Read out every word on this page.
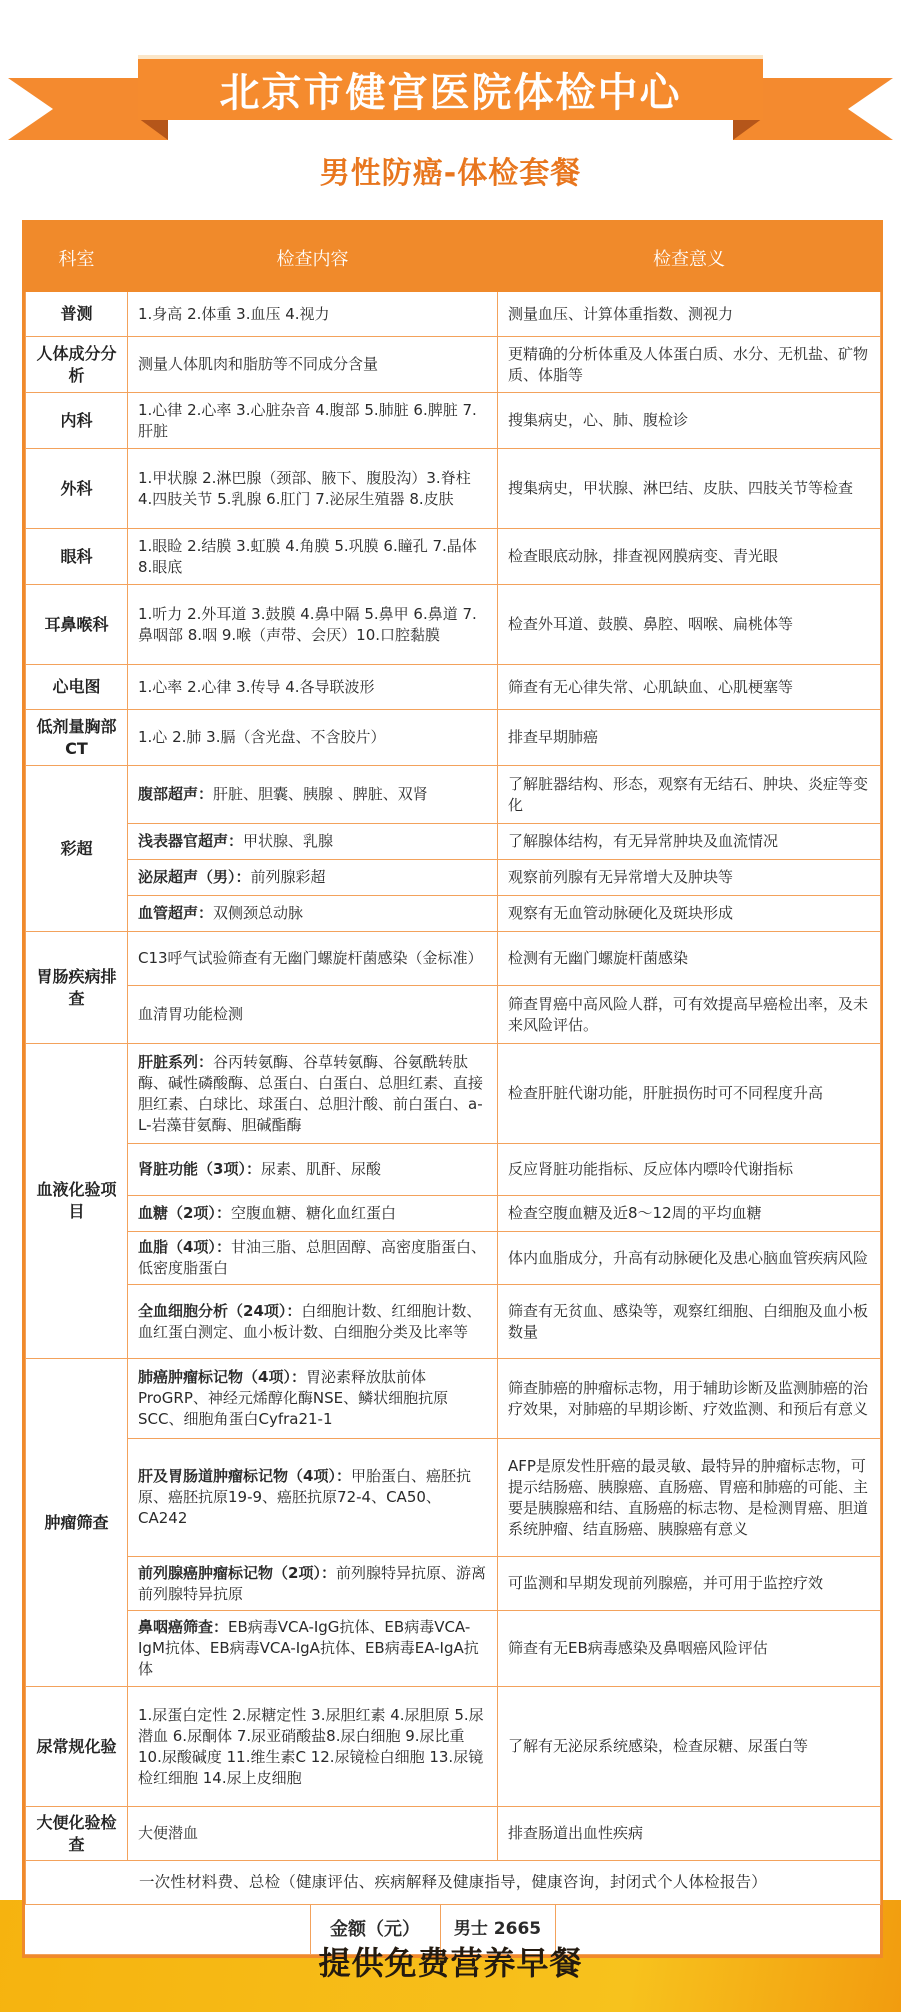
北京市健宫医院体检中心
男性防癌-体检套餐
科室	检查内容	检查意义
普测	1.身高 2.体重 3.血压 4.视力	测量血压、计算体重指数、测视力
人体成分分析	测量人体肌肉和脂肪等不同成分含量	更精确的分析体重及人体蛋白质、水分、无机盐、矿物质、体脂等
内科	1.心律 2.心率 3.心脏杂音 4.腹部 5.肺脏 6.脾脏 7.肝脏	搜集病史，心、肺、腹检诊
外科	1.甲状腺 2.淋巴腺（颈部、腋下、腹股沟）3.脊柱 4.四肢关节 5.乳腺 6.肛门 7.泌尿生殖器 8.皮肤	搜集病史，甲状腺、淋巴结、皮肤、四肢关节等检查
眼科	1.眼睑 2.结膜 3.虹膜 4.角膜 5.巩膜 6.瞳孔 7.晶体 8.眼底	检查眼底动脉，排查视网膜病变、青光眼
耳鼻喉科	1.听力 2.外耳道 3.鼓膜 4.鼻中隔 5.鼻甲 6.鼻道 7.鼻咽部 8.咽 9.喉（声带、会厌）10.口腔黏膜	检查外耳道、鼓膜、鼻腔、咽喉、扁桃体等
心电图	1.心率 2.心律 3.传导 4.各导联波形	筛查有无心律失常、心肌缺血、心肌梗塞等
低剂量胸部CT	1.心 2.肺 3.膈（含光盘、不含胶片）	排查早期肺癌
彩超	腹部超声：肝脏、胆囊、胰腺 、脾脏、双肾	了解脏器结构、形态，观察有无结石、肿块、炎症等变化
	浅表器官超声：甲状腺、乳腺	了解腺体结构，有无异常肿块及血流情况
	泌尿超声（男）：前列腺彩超	观察前列腺有无异常增大及肿块等
	血管超声：双侧颈总动脉	观察有无血管动脉硬化及斑块形成
胃肠疾病排查	C13呼气试验筛查有无幽门螺旋杆菌感染（金标准）	检测有无幽门螺旋杆菌感染
	血清胃功能检测	筛查胃癌中高风险人群，可有效提高早癌检出率，及未来风险评估。
血液化验项目	肝脏系列：谷丙转氨酶、谷草转氨酶、谷氨酰转肽酶、碱性磷酸酶、总蛋白、白蛋白、总胆红素、直接胆红素、白球比、球蛋白、总胆汁酸、前白蛋白、a-L-岩藻苷氨酶、胆碱酯酶	检查肝脏代谢功能，肝脏损伤时可不同程度升高
	肾脏功能（3项）：尿素、肌酐、尿酸	反应肾脏功能指标、反应体内嘌呤代谢指标
	血糖（2项）：空腹血糖、糖化血红蛋白	检查空腹血糖及近8～12周的平均血糖
	血脂（4项）：甘油三脂、总胆固醇、高密度脂蛋白、低密度脂蛋白	体内血脂成分，升高有动脉硬化及患心脑血管疾病风险
	全血细胞分析（24项）：白细胞计数、红细胞计数、血红蛋白测定、血小板计数、白细胞分类及比率等	筛查有无贫血、感染等，观察红细胞、白细胞及血小板数量
肿瘤筛查	肺癌肿瘤标记物（4项）：胃泌素释放肽前体ProGRP、神经元烯醇化酶NSE、鳞状细胞抗原SCC、细胞角蛋白Cyfra21-1	筛查肺癌的肿瘤标志物，用于辅助诊断及监测肺癌的治疗效果，对肺癌的早期诊断、疗效监测、和预后有意义
	肝及胃肠道肿瘤标记物（4项）：甲胎蛋白、癌胚抗原、癌胚抗原19-9、癌胚抗原72-4、CA50、CA242	AFP是原发性肝癌的最灵敏、最特异的肿瘤标志物，可提示结肠癌、胰腺癌、直肠癌、胃癌和肺癌的可能、主要是胰腺癌和结、直肠癌的标志物、是检测胃癌、胆道系统肿瘤、结直肠癌、胰腺癌有意义
	前列腺癌肿瘤标记物（2项）：前列腺特异抗原、游离前列腺特异抗原	可监测和早期发现前列腺癌，并可用于监控疗效
	鼻咽癌筛查：EB病毒VCA-IgG抗体、EB病毒VCA-IgM抗体、EB病毒VCA-IgA抗体、EB病毒EA-IgA抗体	筛查有无EB病毒感染及鼻咽癌风险评估
尿常规化验	1.尿蛋白定性 2.尿糖定性 3.尿胆红素 4.尿胆原 5.尿潜血 6.尿酮体 7.尿亚硝酸盐8.尿白细胞 9.尿比重 10.尿酸碱度 11.维生素C 12.尿镜检白细胞 13.尿镜检红细胞 14.尿上皮细胞	了解有无泌尿系统感染，检查尿糖、尿蛋白等
大便化验检查	大便潜血	排查肠道出血性疾病
一次性材料费、总检（健康评估、疾病解释及健康指导，健康咨询，封闭式个人体检报告）		
	金额（元）	男士 2665	
提供免费营养早餐
